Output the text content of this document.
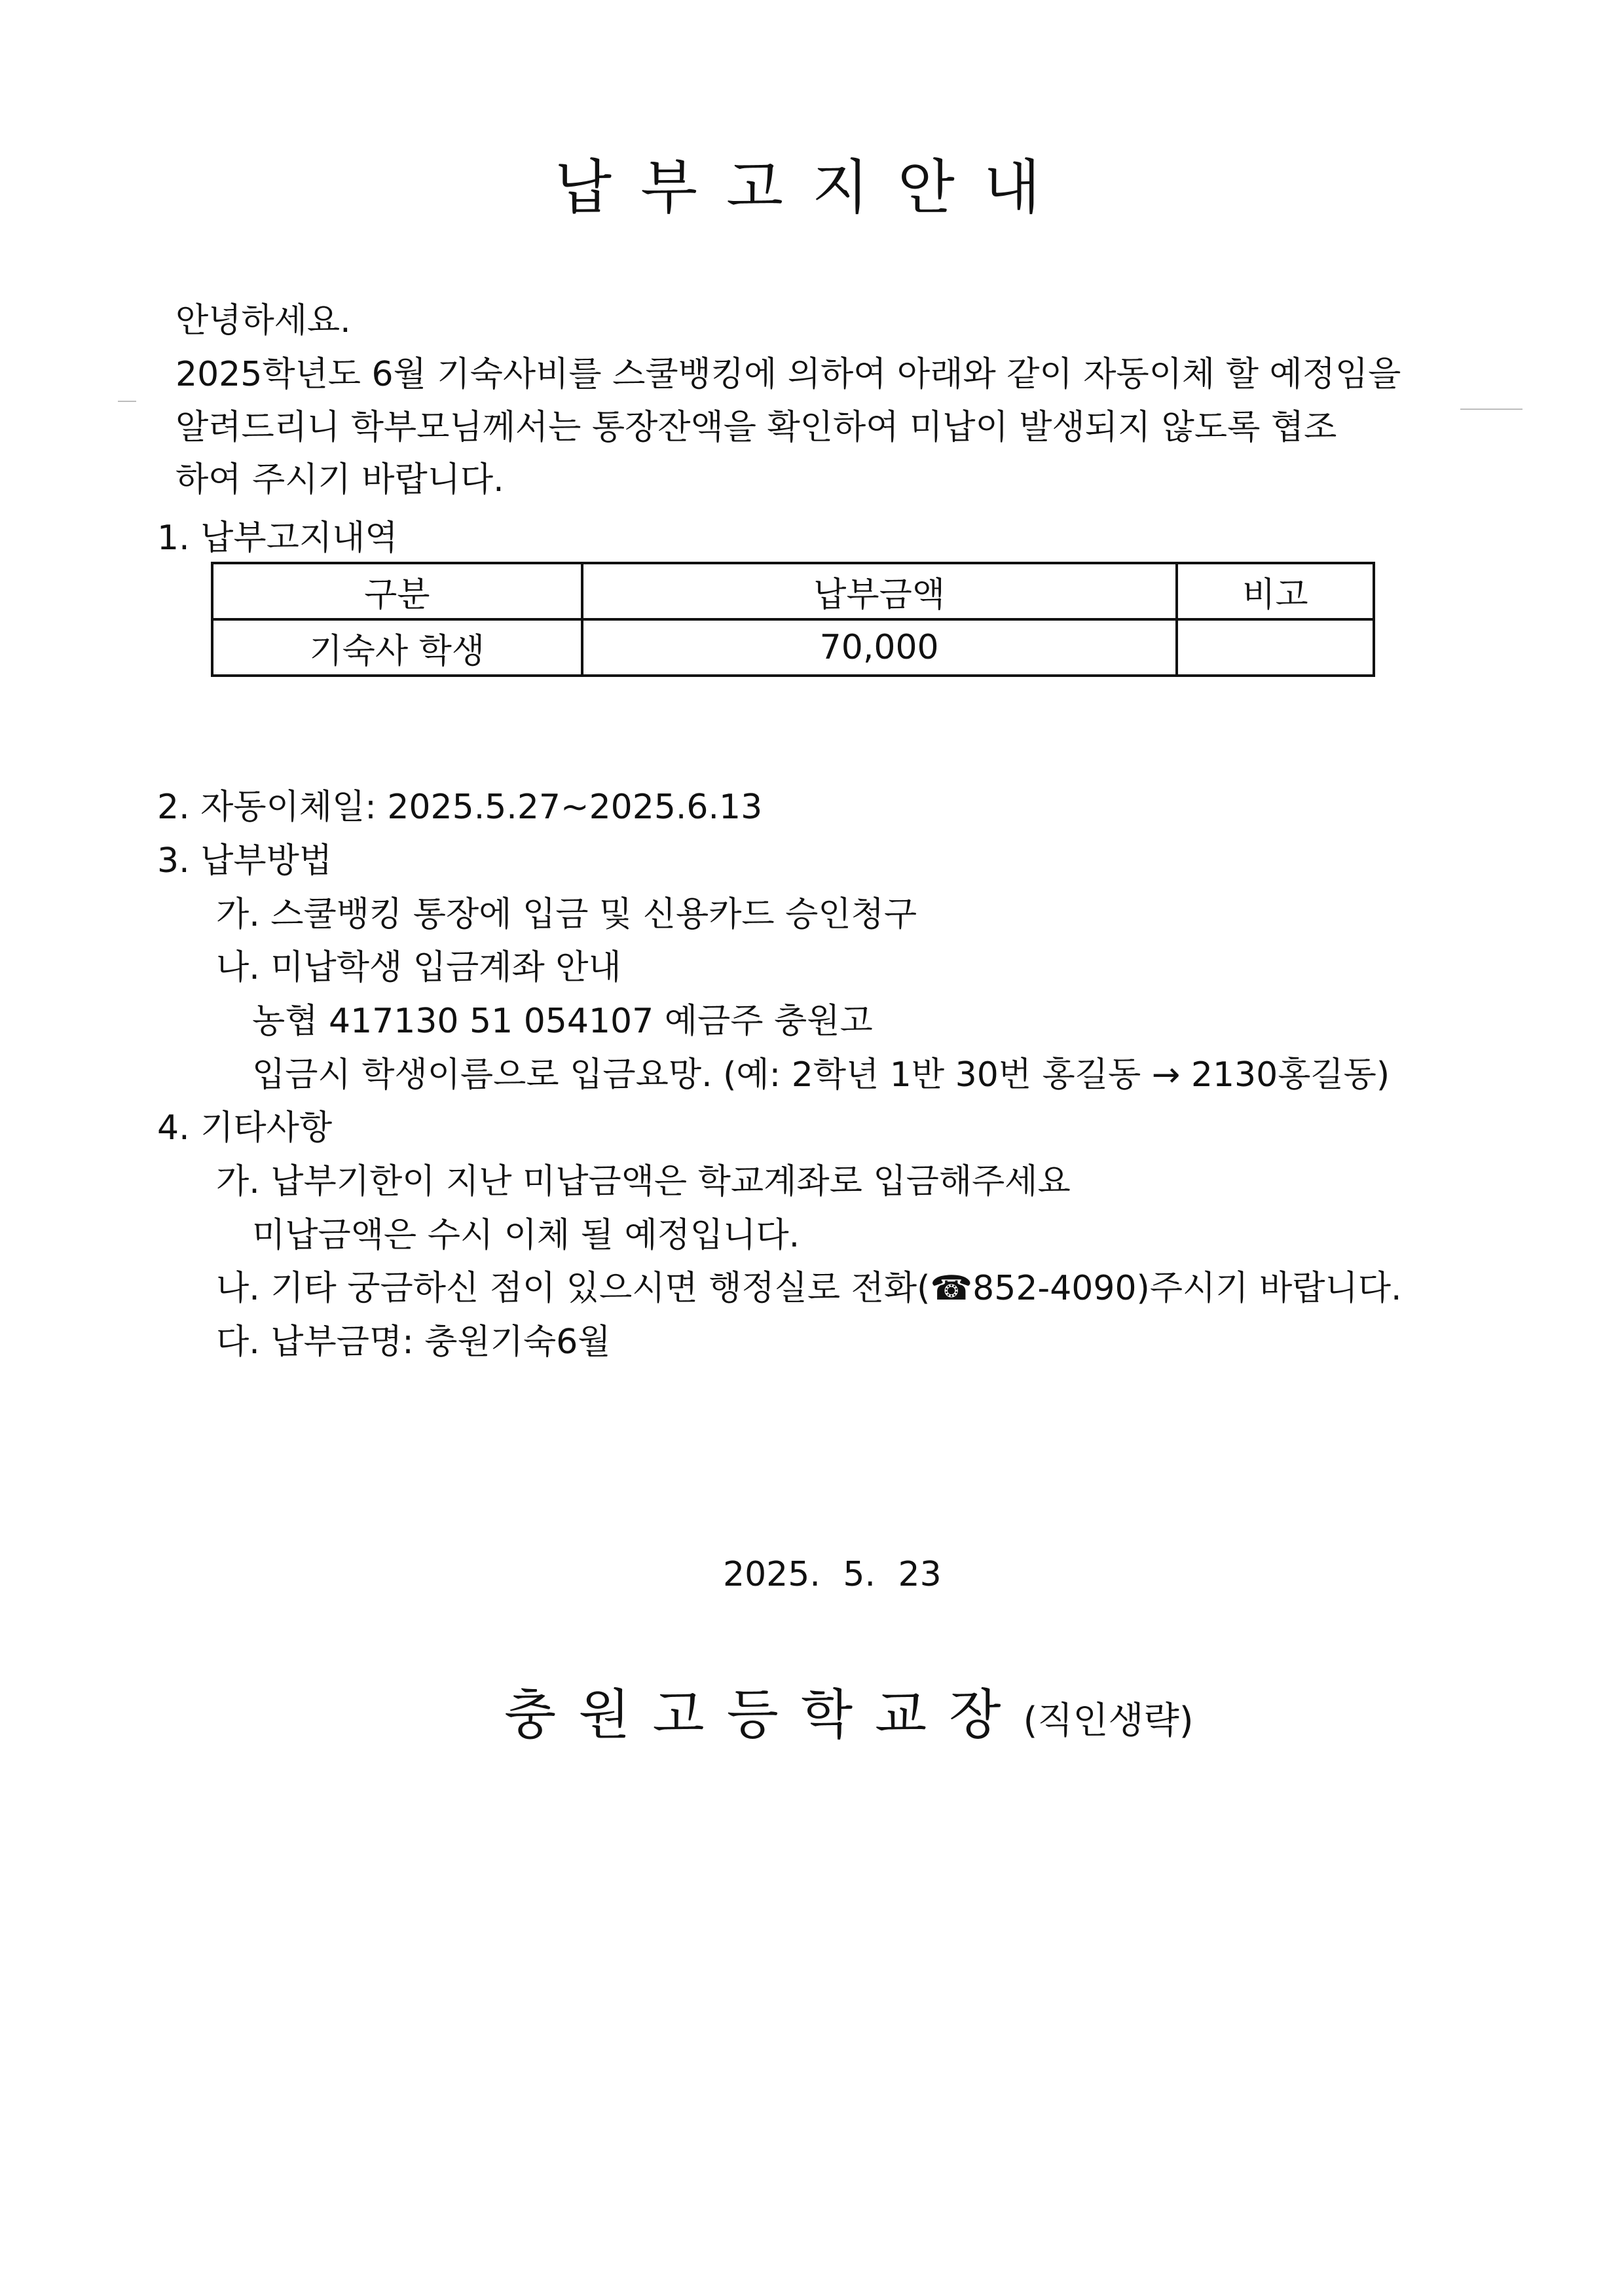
납부고지안내
안녕하세요.
2025학년도 6월 기숙사비를 스쿨뱅킹에 의하여 아래와 같이 자동이체 할 예정임을
알려드리니 학부모님께서는 통장잔액을 확인하여 미납이 발생되지 않도록 협조
하여 주시기 바랍니다.
1. 납부고지내역
구분	납부금액	비고
기숙사 학생	70,000	
2. 자동이체일: 2025.5.27~2025.6.13
3. 납부방법
가. 스쿨뱅킹 통장에 입금 및 신용카드 승인청구
나. 미납학생 입금계좌 안내
농협 417130 51 054107 예금주 충원고
입금시 학생이름으로 입금요망. (예: 2학년 1반 30번 홍길동 → 2130홍길동)
4. 기타사항
가. 납부기한이 지난 미납금액은 학교계좌로 입금해주세요
미납금액은 수시 이체 될 예정입니다.
나. 기타 궁금하신 점이 있으시면 행정실로 전화(☎852-4090)주시기 바랍니다.
다. 납부금명: 충원기숙6월
2025. 5. 23
충원고등학교장(직인생략)
